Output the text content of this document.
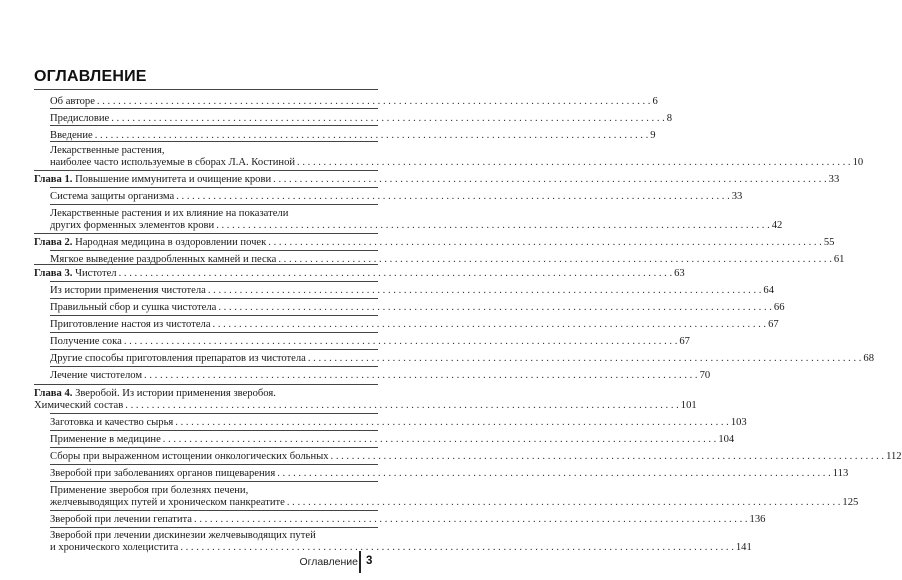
ОГЛАВЛЕНИЕ
Об авторе . . .	6
Предисловие . . .	8
Введение . . .	9
Лекарственные растения,
наиболее часто используемые в сборах Л.А. Костиной . . .	10
Глава 1. Повышение иммунитета и очищение крови . . .	33
Система защиты организма . . .	33
Лекарственные растения и их влияние на показатели
других форменных элементов крови . . .	42
Глава 2. Народная медицина в оздоровлении почек . . .	55
Мягкое выведение раздробленных камней и песка . . .	61
Глава 3. Чистотел . . .	63
Из истории применения чистотела . . .	64
Правильный сбор и сушка чистотела . . .	66
Приготовление настоя из чистотела . . .	67
Получение сока . . .	67
Другие способы приготовления препаратов из чистотела . . .	68
Лечение чистотелом . . .	70
Глава 4. Зверобой. Из истории применения зверобоя.
Химический состав . . .	101
Заготовка и качество сырья . . .	103
Применение в медицине . . .	104
Сборы при выраженном истощении онкологических больных . . .	112
Зверобой при заболеваниях органов пищеварения . . .	113
Применение зверобоя при болезнях печени,
желчевыводящих путей и хроническом панкреатите . . .	125
Зверобой при лечении гепатита . . .	136
Зверобой при лечении дискинезии желчевыводящих путей
и хронического холецистита . . .	141
Оглавление 3
